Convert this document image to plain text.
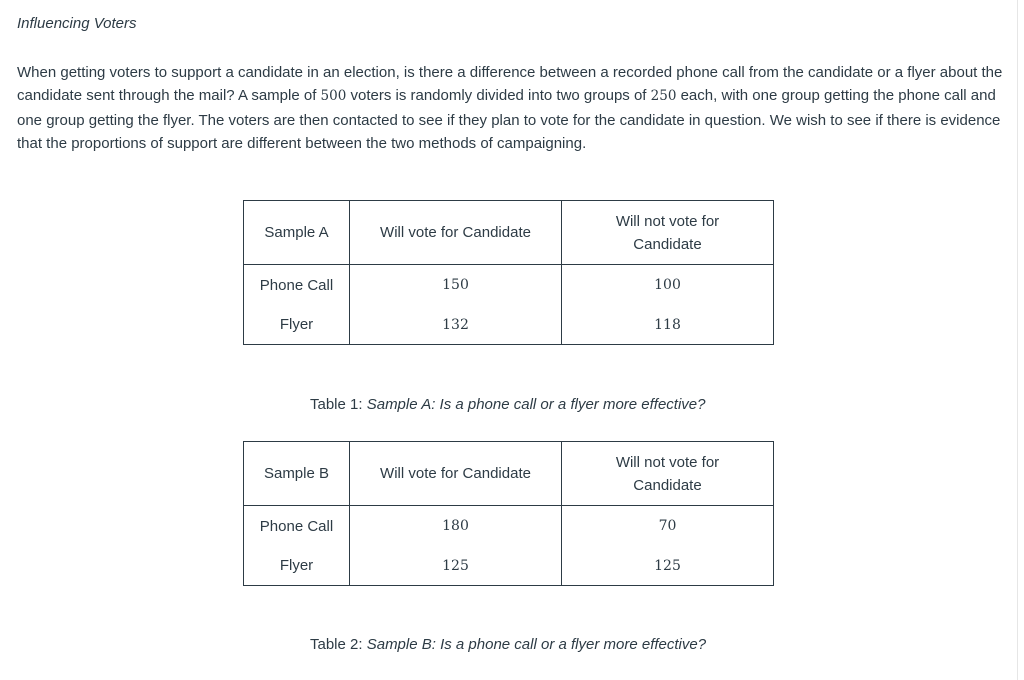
Influencing Voters

When getting voters to support a candidate in an election, is there a difference between a recorded phone call from the candidate or a flyer about the candidate sent through the mail? A sample of 500 voters is randomly divided into two groups of 250 each, with one group getting the phone call and one group getting the flyer. The voters are then contacted to see if they plan to vote for the candidate in question. We wish to see if there is evidence that the proportions of support are different between the two methods of campaigning.

Sample A	Will vote for Candidate	Will not vote for Candidate
Phone Call	150	100
Flyer	132	118

Table 1: Sample A: Is a phone call or a flyer more effective?

Sample B	Will vote for Candidate	Will not vote for Candidate
Phone Call	180	70
Flyer	125	125

Table 2: Sample B: Is a phone call or a flyer more effective?
